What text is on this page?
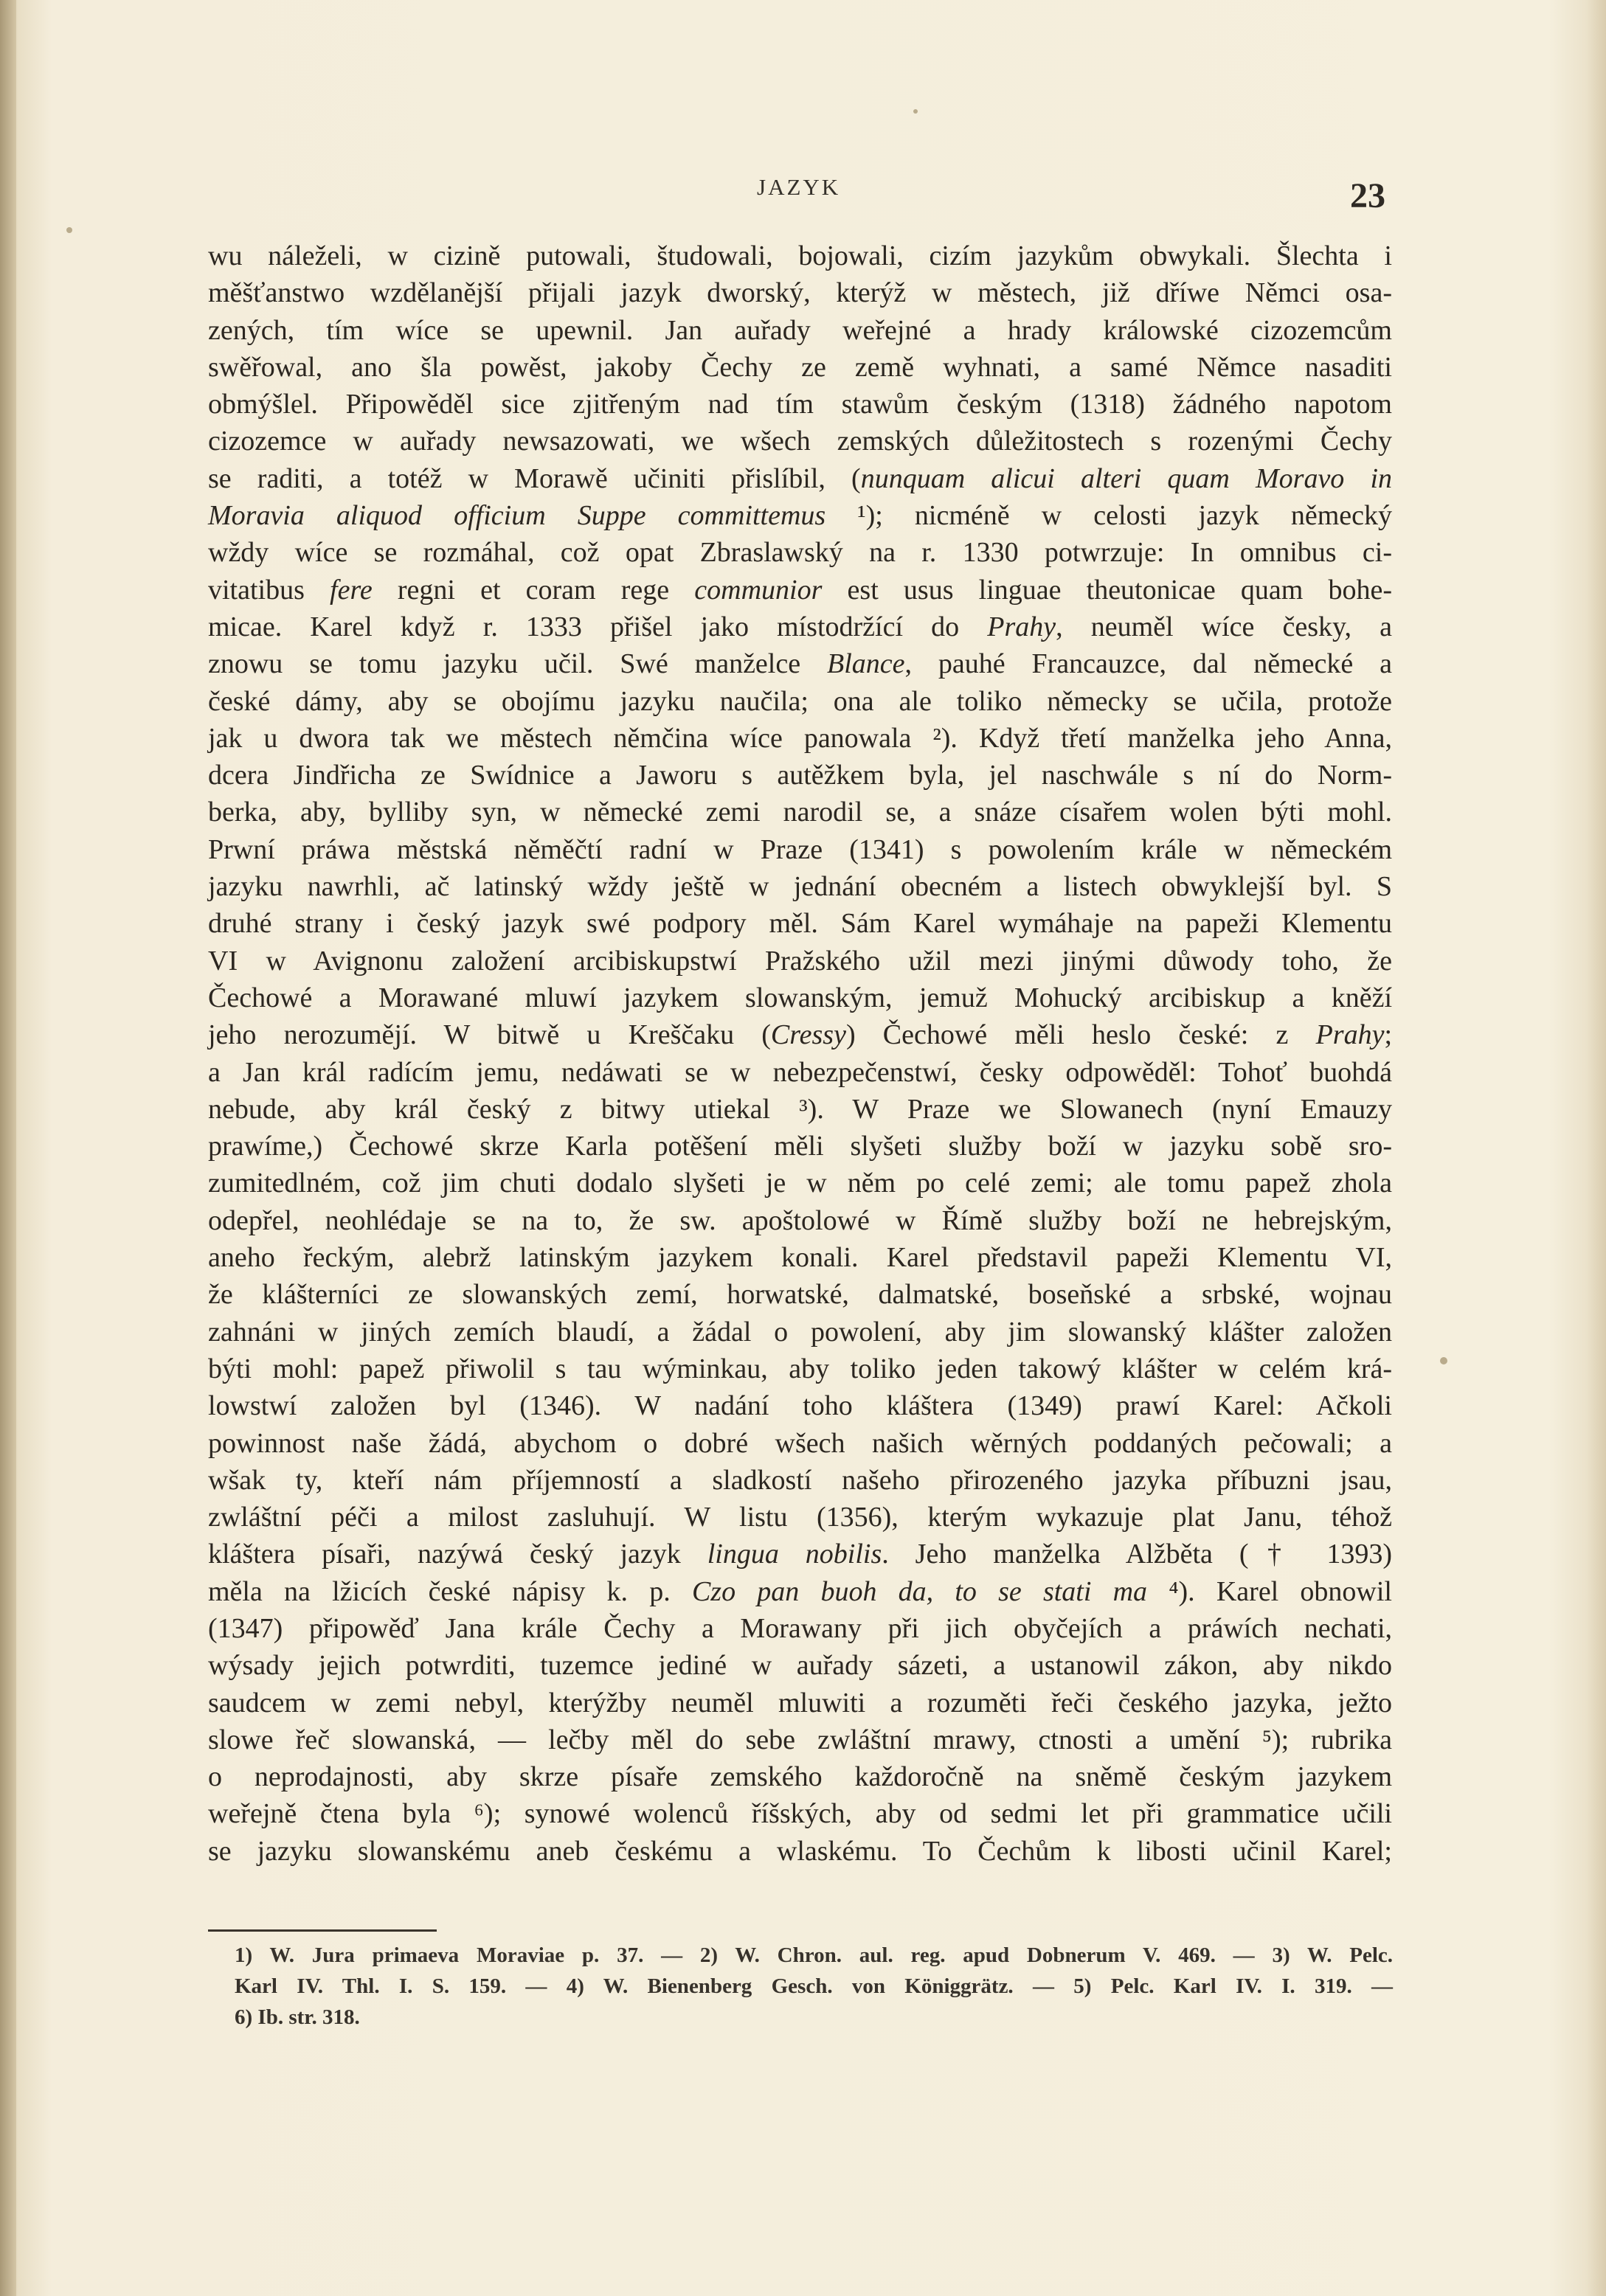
JAZYK	23
wu náleželi, w cizině putowali, študowali, bojowali, cizím jazykům obwykali. Šlechta i
měšťanstwo wzdělanější přijali jazyk dworský, kterýž w městech, již dříwe Němci osa-
zených, tím wíce se upewnil. Jan auřady weřejné a hrady králowské cizozemcům
swěřowal, ano šla powěst, jakoby Čechy ze země wyhnati, a samé Němce nasaditi
obmýšlel. Připowěděl sice zjitřeným nad tím stawům českým (1318) žádného napotom
cizozemce w auřady newsazowati, we wšech zemských důležitostech s rozenými Čechy
se raditi, a totéž w Morawě učiniti přislíbil, (nunquam alicui alteri quam Moravo in
Moravia aliquod officium Suppe committemus ¹); nicméně w celosti jazyk německý
wždy wíce se rozmáhal, což opat Zbraslawský na r. 1330 potwrzuje: In omnibus ci-
vitatibus fere regni et coram rege communior est usus linguae theutonicae quam bohe-
micae. Karel když r. 1333 přišel jako místodržící do Prahy, neuměl wíce česky, a
znowu se tomu jazyku učil. Swé manželce Blance, pauhé Francauzce, dal německé a
české dámy, aby se obojímu jazyku naučila; ona ale toliko německy se učila, protože
jak u dwora tak we městech němčina wíce panowala ²). Když třetí manželka jeho Anna,
dcera Jindřicha ze Swídnice a Jaworu s autěžkem byla, jel naschwále s ní do Norm-
berka, aby, bylliby syn, w německé zemi narodil se, a snáze císařem wolen býti mohl.
Prwní práwa městská něměčtí radní w Praze (1341) s powolením krále w německém
jazyku nawrhli, ač latinský wždy ještě w jednání obecném a listech obwyklejší byl. S
druhé strany i český jazyk swé podpory měl. Sám Karel wymáhaje na papeži Klementu
VI w Avignonu založení arcibiskupstwí Pražského užil mezi jinými důwody toho, že
Čechowé a Morawané mluwí jazykem slowanským, jemuž Mohucký arcibiskup a kněží
jeho nerozumějí. W bitwě u Kreščaku (Cressy) Čechowé měli heslo české: z Prahy;
a Jan král radícím jemu, nedáwati se w nebezpečenstwí, česky odpowěděl: Tohoť buohdá
nebude, aby král český z bitwy utiekal ³). W Praze we Slowanech (nyní Emauzy
prawíme,) Čechowé skrze Karla potěšení měli slyšeti služby boží w jazyku sobě sro-
zumitedlném, což jim chuti dodalo slyšeti je w něm po celé zemi; ale tomu papež zhola
odepřel, neohlédaje se na to, že sw. apoštolowé w Římě služby boží ne hebrejským,
aneho řeckým, alebrž latinským jazykem konali. Karel představil papeži Klementu VI,
že klášterníci ze slowanských zemí, horwatské, dalmatské, boseňské a srbské, wojnau
zahnáni w jiných zemích blaudí, a žádal o powolení, aby jim slowanský klášter založen
býti mohl: papež přiwolil s tau wýminkau, aby toliko jeden takowý klášter w celém krá-
lowstwí založen byl (1346). W nadání toho kláštera (1349) prawí Karel: Ačkoli
powinnost naše žádá, abychom o dobré wšech našich wěrných poddaných pečowali; a
wšak ty, kteří nám příjemností a sladkostí našeho přirozeného jazyka příbuzni jsau,
zwláštní péči a milost zasluhují. W listu (1356), kterým wykazuje plat Janu, téhož
kláštera písaři, nazýwá český jazyk lingua nobilis. Jeho manželka Alžběta († 1393)
měla na lžicích české nápisy k. p. Czo pan buoh da, to se stati ma ⁴). Karel obnowil
(1347) připowěď Jana krále Čechy a Morawany při jich obyčejích a práwích nechati,
wýsady jejich potwrditi, tuzemce jediné w auřady sázeti, a ustanowil zákon, aby nikdo
saudcem w zemi nebyl, kterýžby neuměl mluwiti a rozuměti řeči českého jazyka, ježto
slowe řeč slowanská, — lečby měl do sebe zwláštní mrawy, ctnosti a umění ⁵); rubrika
o neprodajnosti, aby skrze písaře zemského každoročně na sněmě českým jazykem
weřejně čtena byla ⁶); synowé wolenců říšských, aby od sedmi let při grammatice učili
se jazyku slowanskému aneb českému a wlaskému. To Čechům k libosti učinil Karel;
1) W. Jura primaeva Moraviae p. 37. — 2) W. Chron. aul. reg. apud Dobnerum V. 469. — 3) W. Pelc.
Karl IV. Thl. I. S. 159. — 4) W. Bienenberg Gesch. von Königgrätz. — 5) Pelc. Karl IV. I. 319. —
6) Ib. str. 318.
